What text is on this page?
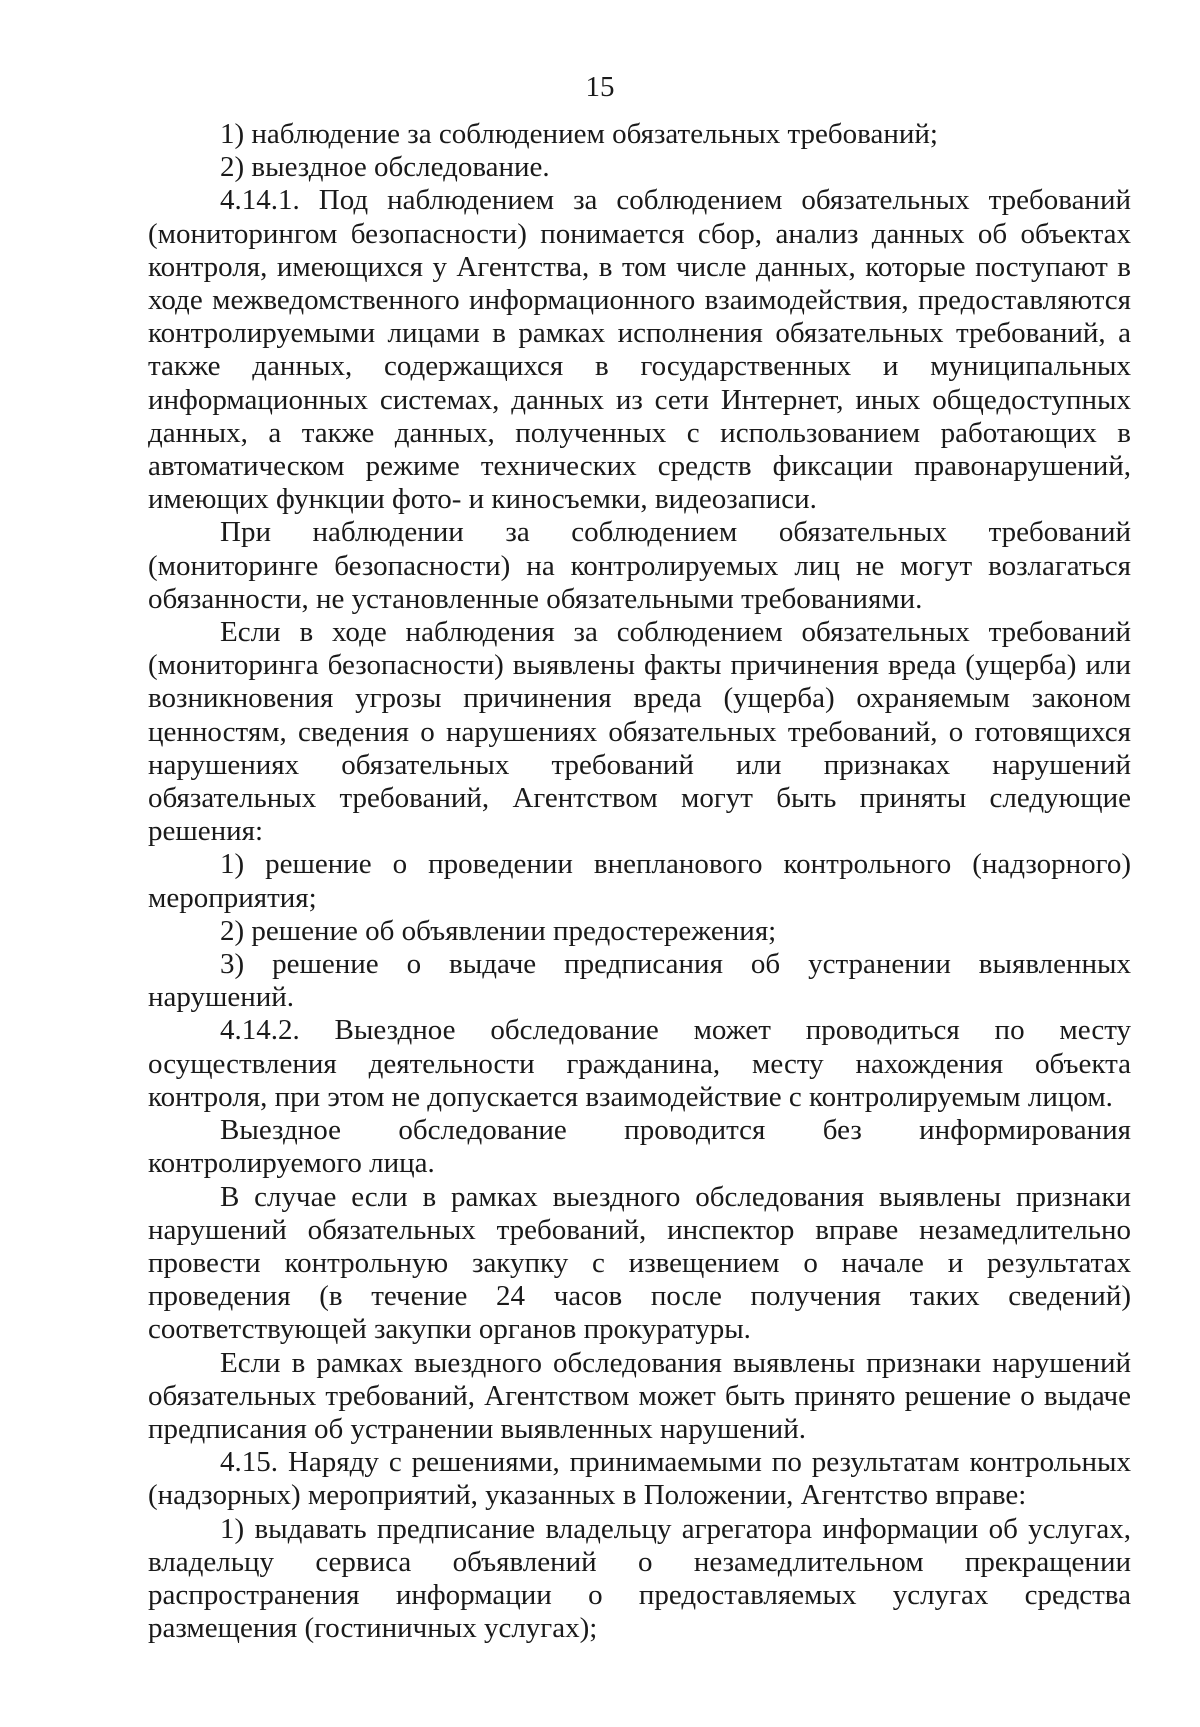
15

1) наблюдение за соблюдением обязательных требований;

2) выездное обследование.

4.14.1. Под наблюдением за соблюдением обязательных требований (мониторингом безопасности) понимается сбор, анализ данных об объектах контроля, имеющихся у Агентства, в том числе данных, которые поступают в ходе межведомственного информационного взаимодействия, предоставляются контролируемыми лицами в рамках исполнения обязательных требований, а также данных, содержащихся в государственных и муниципальных информационных системах, данных из сети Интернет, иных общедоступных данных, а также данных, полученных с использованием работающих в автоматическом режиме технических средств фиксации правонарушений, имеющих функции фото- и киносъемки, видеозаписи.

При наблюдении за соблюдением обязательных требований (мониторинге безопасности) на контролируемых лиц не могут возлагаться обязанности, не установленные обязательными требованиями.

Если в ходе наблюдения за соблюдением обязательных требований (мониторинга безопасности) выявлены факты причинения вреда (ущерба) или возникновения угрозы причинения вреда (ущерба) охраняемым законом ценностям, сведения о нарушениях обязательных требований, о готовящихся нарушениях обязательных требований или признаках нарушений обязательных требований, Агентством могут быть приняты следующие решения:

1) решение о проведении внепланового контрольного (надзорного) мероприятия;

2) решение об объявлении предостережения;

3) решение о выдаче предписания об устранении выявленных нарушений.

4.14.2. Выездное обследование может проводиться по месту осуществления деятельности гражданина, месту нахождения объекта контроля, при этом не допускается взаимодействие с контролируемым лицом.

Выездное обследование проводится без информирования контролируемого лица.

В случае если в рамках выездного обследования выявлены признаки нарушений обязательных требований, инспектор вправе незамедлительно провести контрольную закупку с извещением о начале и результатах проведения (в течение 24 часов после получения таких сведений) соответствующей закупки органов прокуратуры.

Если в рамках выездного обследования выявлены признаки нарушений обязательных требований, Агентством может быть принято решение о выдаче предписания об устранении выявленных нарушений.

4.15. Наряду с решениями, принимаемыми по результатам контрольных (надзорных) мероприятий, указанных в Положении, Агентство вправе:

1) выдавать предписание владельцу агрегатора информации об услугах, владельцу сервиса объявлений о незамедлительном прекращении распространения информации о предоставляемых услугах средства размещения (гостиничных услугах);
